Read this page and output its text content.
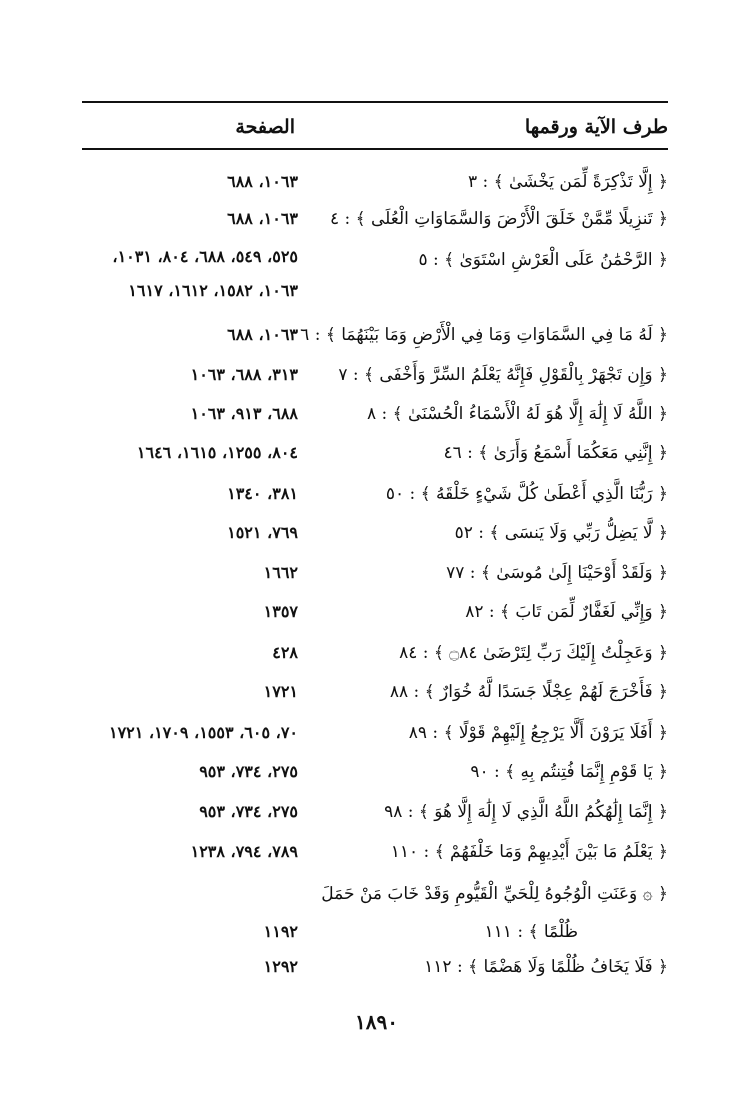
طرف الآية ورقمها
الصفحة
﴿ إِلَّا تَذْكِرَةً لِّمَن يَخْشَىٰ ﴾ : ٣
١٠٦٣، ٦٨٨
﴿ تَنزِيلًا مِّمَّنْ خَلَقَ الْأَرْضَ وَالسَّمَاوَاتِ الْعُلَى ﴾ : ٤
١٠٦٣، ٦٨٨
﴿ الرَّحْمَٰنُ عَلَى الْعَرْشِ اسْتَوَىٰ ﴾ : ٥
٥٢٥، ٥٤٩، ٦٨٨، ٨٠٤، ١٠٣١،
١٠٦٣، ١٥٨٢، ١٦١٢، ١٦١٧
﴿ لَهُ مَا فِي السَّمَاوَاتِ وَمَا فِي الْأَرْضِ وَمَا بَيْنَهُمَا ﴾ : ٦
١٠٦٣، ٦٨٨
﴿ وَإِن تَجْهَرْ بِالْقَوْلِ فَإِنَّهُ يَعْلَمُ السِّرَّ وَأَخْفَى ﴾ : ٧
٣١٣، ٦٨٨، ١٠٦٣
﴿ اللَّهُ لَا إِلَٰهَ إِلَّا هُوَ لَهُ الْأَسْمَاءُ الْحُسْنَىٰ ﴾ : ٨
٦٨٨، ٩١٣، ١٠٦٣
﴿ إِنَّنِي مَعَكُمَا أَسْمَعُ وَأَرَىٰ ﴾ : ٤٦
٨٠٤، ١٢٥٥، ١٦١٥، ١٦٤٦
﴿ رَبُّنَا الَّذِي أَعْطَىٰ كُلَّ شَيْءٍ خَلْقَهُ ﴾ : ٥٠
٣٨١، ١٣٤٠
﴿ لَّا يَضِلُّ رَبِّي وَلَا يَنسَى ﴾ : ٥٢
٧٦٩، ١٥٢١
﴿ وَلَقَدْ أَوْحَيْنَا إِلَىٰ مُوسَىٰ ﴾ : ٧٧
١٦٦٢
﴿ وَإِنِّي لَغَفَّارٌ لِّمَن تَابَ ﴾ : ٨٢
١٣٥٧
﴿ وَعَجِلْتُ إِلَيْكَ رَبِّ لِتَرْضَىٰ ۝٨٤ ﴾ : ٨٤
٤٢٨
﴿ فَأَخْرَجَ لَهُمْ عِجْلًا جَسَدًا لَّهُ خُوَارٌ ﴾ : ٨٨
١٧٢١
﴿ أَفَلَا يَرَوْنَ أَلَّا يَرْجِعُ إِلَيْهِمْ قَوْلًا ﴾ : ٨٩
٧٠، ٦٠٥، ١٥٥٣، ١٧٠٩، ١٧٢١
﴿ يَا قَوْمِ إِنَّمَا فُتِنتُم بِهِ ﴾ : ٩٠
٢٧٥، ٧٣٤، ٩٥٣
﴿ إِنَّمَا إِلَٰهُكُمُ اللَّهُ الَّذِي لَا إِلَٰهَ إِلَّا هُوَ ﴾ : ٩٨
٢٧٥، ٧٣٤، ٩٥٣
﴿ يَعْلَمُ مَا بَيْنَ أَيْدِيهِمْ وَمَا خَلْفَهُمْ ﴾ : ١١٠
٧٨٩، ٧٩٤، ١٢٣٨
﴿ ۞ وَعَنَتِ الْوُجُوهُ لِلْحَيِّ الْقَيُّومِ وَقَدْ خَابَ مَنْ حَمَلَ
ظُلْمًا ﴾ : ١١١

١١٩٢
﴿ فَلَا يَخَافُ ظُلْمًا وَلَا هَضْمًا ﴾ : ١١٢
١٢٩٢
١٨٩٠
